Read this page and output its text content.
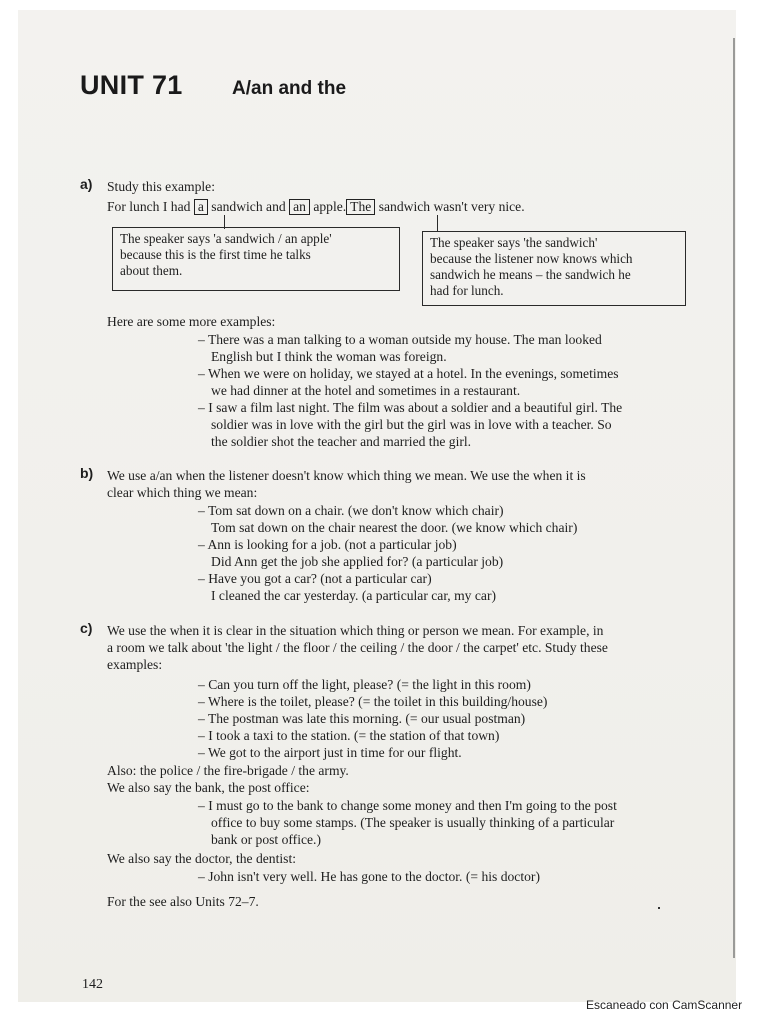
UNIT 71	A/an and the

a) Study this example:

For lunch I had a sandwich and an apple. The sandwich wasn't very nice.

The speaker says 'a sandwich / an apple'

because this is the first time he talks

about them.

The speaker says 'the sandwich'

because the listener now knows which

sandwich he means – the sandwich he

had for lunch.

Here are some more examples:

– There was a man talking to a woman outside my house. The man looked

English but I think the woman was foreign.

– When we were on holiday, we stayed at a hotel. In the evenings, sometimes

we had dinner at the hotel and sometimes in a restaurant.

– I saw a film last night. The film was about a soldier and a beautiful girl. The

soldier was in love with the girl but the girl was in love with a teacher. So

the soldier shot the teacher and married the girl.

b) We use a/an when the listener doesn't know which thing we mean. We use the when it is

clear which thing we mean:

– Tom sat down on a chair. (we don't know which chair)

Tom sat down on the chair nearest the door. (we know which chair)

– Ann is looking for a job. (not a particular job)

Did Ann get the job she applied for? (a particular job)

– Have you got a car? (not a particular car)

I cleaned the car yesterday. (a particular car, my car)

c) We use the when it is clear in the situation which thing or person we mean. For example, in

a room we talk about 'the light / the floor / the ceiling / the door / the carpet' etc. Study these

examples:

– Can you turn off the light, please? (= the light in this room)

– Where is the toilet, please? (= the toilet in this building/house)

– The postman was late this morning. (= our usual postman)

– I took a taxi to the station. (= the station of that town)

– We got to the airport just in time for our flight.

Also: the police / the fire-brigade / the army.

We also say the bank, the post office:

– I must go to the bank to change some money and then I'm going to the post

office to buy some stamps. (The speaker is usually thinking of a particular

bank or post office.)

We also say the doctor, the dentist:

– John isn't very well. He has gone to the doctor. (= his doctor)

For the see also Units 72–7.

142

Escaneado con CamScanner
